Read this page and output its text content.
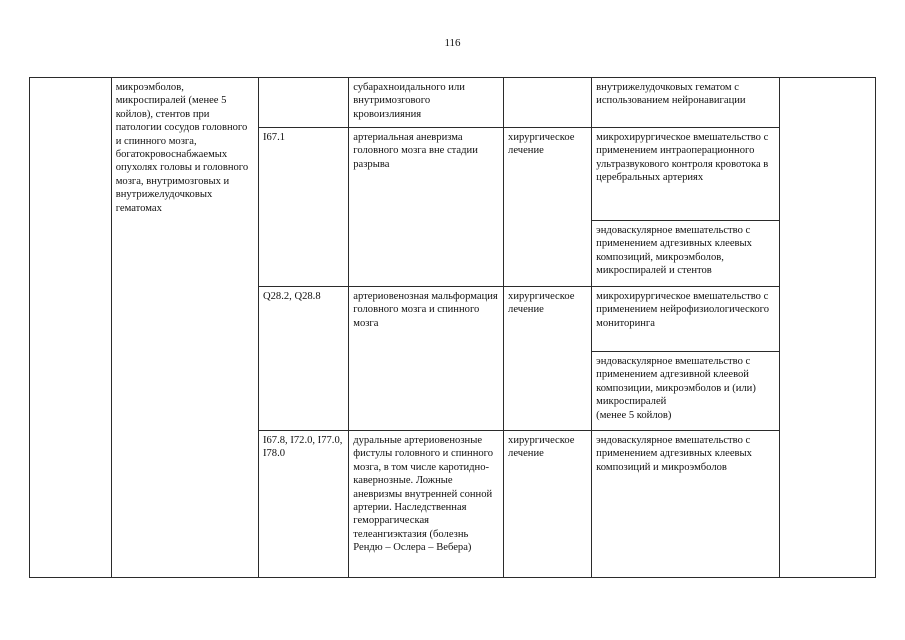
116
	микроэмболов,
микроспиралей (менее 5 койлов), стентов при патологии сосудов головного и спинного мозга, богатокровоснабжаемых опухолях головы и головного мозга, внутримозговых и внутрижелудочковых гематомах		субарахноидального или внутримозгового кровоизлияния		внутрижелудочковых гематом с использованием нейронавигации	
		I67.1	артериальная аневризма головного мозга вне стадии разрыва	хирургическое лечение	микрохирургическое вмешательство с применением интраоперационного ультразвукового контроля кровотока в церебральных артериях	
					эндоваскулярное вмешательство с применением адгезивных клеевых композиций, микроэмболов, микроспиралей и стентов	
		Q28.2, Q28.8	артериовенозная мальформация головного мозга и спинного мозга	хирургическое лечение	микрохирургическое вмешательство с применением нейрофизиологического мониторинга	
					эндоваскулярное вмешательство с применением адгезивной клеевой композиции, микроэмболов и (или) микроспиралей
(менее 5 койлов)	
		I67.8, I72.0, I77.0, I78.0	дуральные артериовенозные фистулы головного и спинного мозга, в том числе каротидно-кавернозные. Ложные аневризмы внутренней сонной артерии. Наследственная геморрагическая телеангиэктазия (болезнь Рендю – Ослера – Вебера)	хирургическое лечение	эндоваскулярное вмешательство с применением адгезивных клеевых композиций и микроэмболов	
